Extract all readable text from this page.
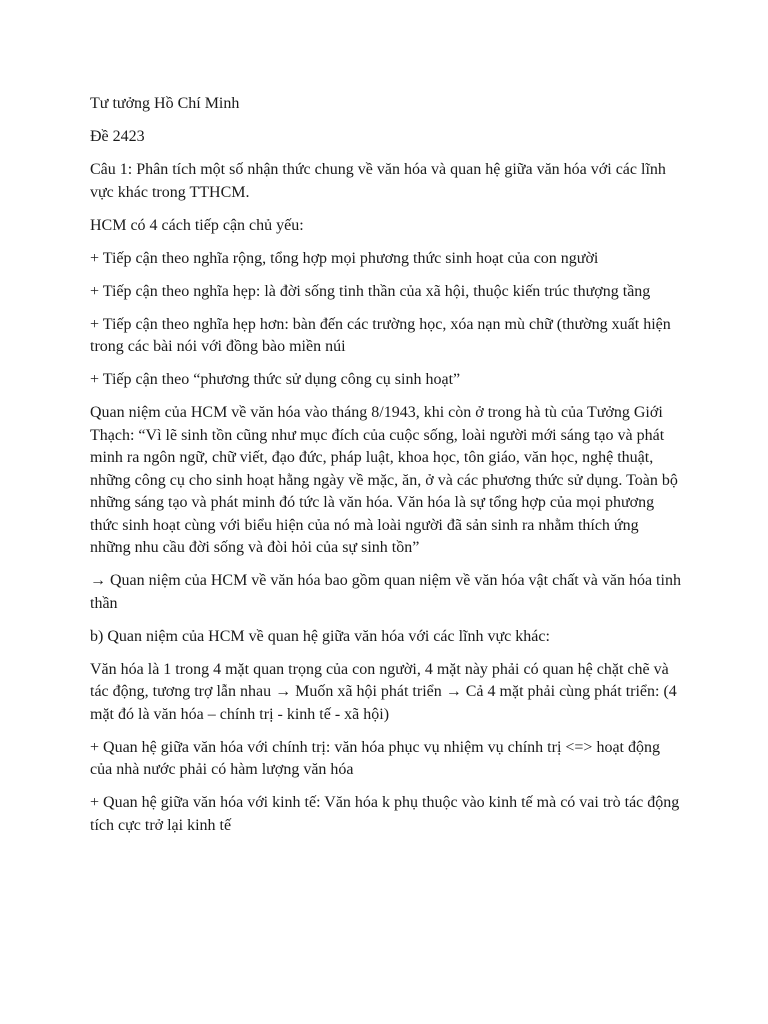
Tư tưởng Hồ Chí Minh

Đề 2423

Câu 1: Phân tích một số nhận thức chung về văn hóa và quan hệ giữa văn hóa với các lĩnh vực khác trong TTHCM.

HCM có 4 cách tiếp cận chủ yếu:

+ Tiếp cận theo nghĩa rộng, tổng hợp mọi phương thức sinh hoạt của con người

+ Tiếp cận theo nghĩa hẹp: là đời sống tinh thần của xã hội, thuộc kiến trúc thượng tầng

+ Tiếp cận theo nghĩa hẹp hơn: bàn đến các trường học, xóa nạn mù chữ (thường xuất hiện trong các bài nói với đồng bào miền núi

+ Tiếp cận theo “phương thức sử dụng công cụ sinh hoạt”

Quan niệm của HCM về văn hóa vào tháng 8/1943, khi còn ở trong hà tù của Tưởng Giới Thạch: “Vì lẽ sinh tồn cũng như mục đích của cuộc sống, loài người mới sáng tạo và phát minh ra ngôn ngữ, chữ viết, đạo đức, pháp luật, khoa học, tôn giáo, văn học, nghệ thuật, những công cụ cho sinh hoạt hằng ngày về mặc, ăn, ở và các phương thức sử dụng. Toàn bộ những sáng tạo và phát minh đó tức là văn hóa. Văn hóa là sự tổng hợp của mọi phương thức sinh hoạt cùng với biểu hiện của nó mà loài người đã sản sinh ra nhằm thích ứng những nhu cầu đời sống và đòi hỏi của sự sinh tồn”

→ Quan niệm của HCM về văn hóa bao gồm quan niệm về văn hóa vật chất và văn hóa tinh thần

b) Quan niệm của HCM về quan hệ giữa văn hóa với các lĩnh vực khác:

Văn hóa là 1 trong 4 mặt quan trọng của con người, 4 mặt này phải có quan hệ chặt chẽ và tác động, tương trợ lẫn nhau → Muốn xã hội phát triển → Cả 4 mặt phải cùng phát triển: (4 mặt đó là văn hóa – chính trị - kinh tế - xã hội)

+ Quan hệ giữa văn hóa với chính trị: văn hóa phục vụ nhiệm vụ chính trị <=> hoạt động của nhà nước phải có hàm lượng văn hóa

+ Quan hệ giữa văn hóa với kinh tế: Văn hóa k phụ thuộc vào kinh tế mà có vai trò tác động tích cực trở lại kinh tế
